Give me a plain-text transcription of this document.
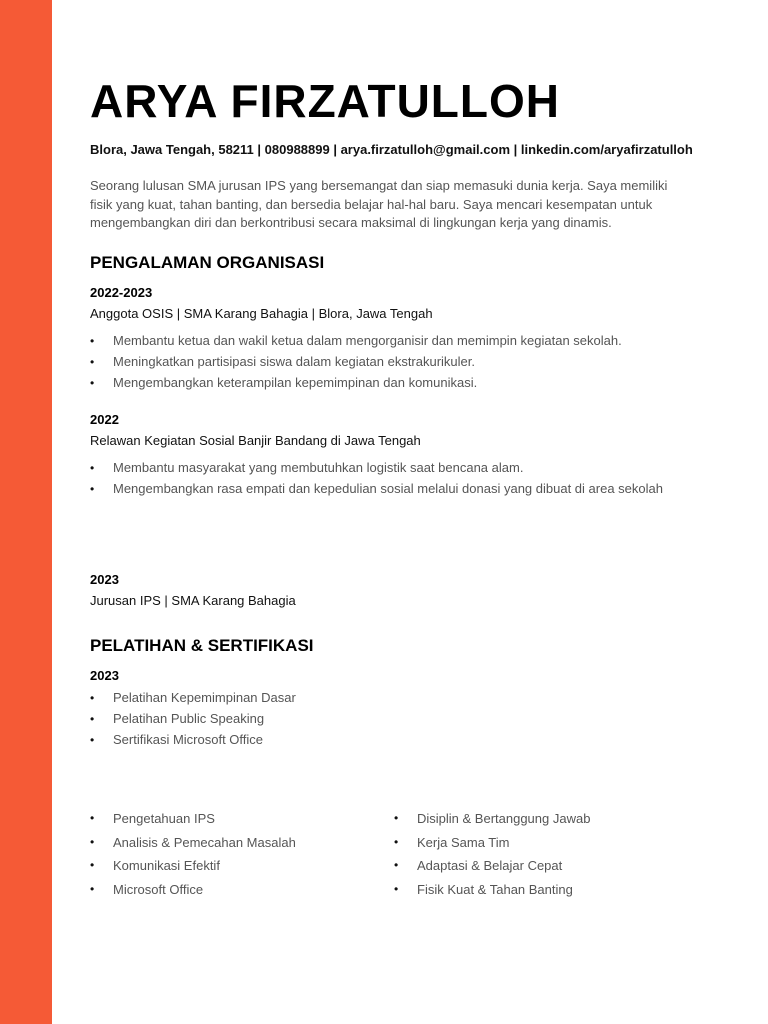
ARYA FIRZATULLOH
Blora, Jawa Tengah, 58211 | 080988899 | arya.firzatulloh@gmail.com | linkedin.com/aryafirzatulloh
Seorang lulusan SMA jurusan IPS yang bersemangat dan siap memasuki dunia kerja. Saya memiliki fisik yang kuat, tahan banting, dan bersedia belajar hal-hal baru. Saya mencari kesempatan untuk mengembangkan diri dan berkontribusi secara maksimal di lingkungan kerja yang dinamis.
PENGALAMAN ORGANISASI
2022-2023
Anggota OSIS | SMA Karang Bahagia | Blora, Jawa Tengah
• Membantu ketua dan wakil ketua dalam mengorganisir dan memimpin kegiatan sekolah.
• Meningkatkan partisipasi siswa dalam kegiatan ekstrakurikuler.
• Mengembangkan keterampilan kepemimpinan dan komunikasi.
2022
Relawan Kegiatan Sosial Banjir Bandang di Jawa Tengah
• Membantu masyarakat yang membutuhkan logistik saat bencana alam.
• Mengembangkan rasa empati dan kepedulian sosial melalui donasi yang dibuat di area sekolah
2023
Jurusan IPS | SMA Karang Bahagia
PELATIHAN & SERTIFIKASI
2023
• Pelatihan Kepemimpinan Dasar
• Pelatihan Public Speaking
• Sertifikasi Microsoft Office
• Pengetahuan IPS
• Analisis & Pemecahan Masalah
• Komunikasi Efektif
• Microsoft Office
• Disiplin & Bertanggung Jawab
• Kerja Sama Tim
• Adaptasi & Belajar Cepat
• Fisik Kuat & Tahan Banting
